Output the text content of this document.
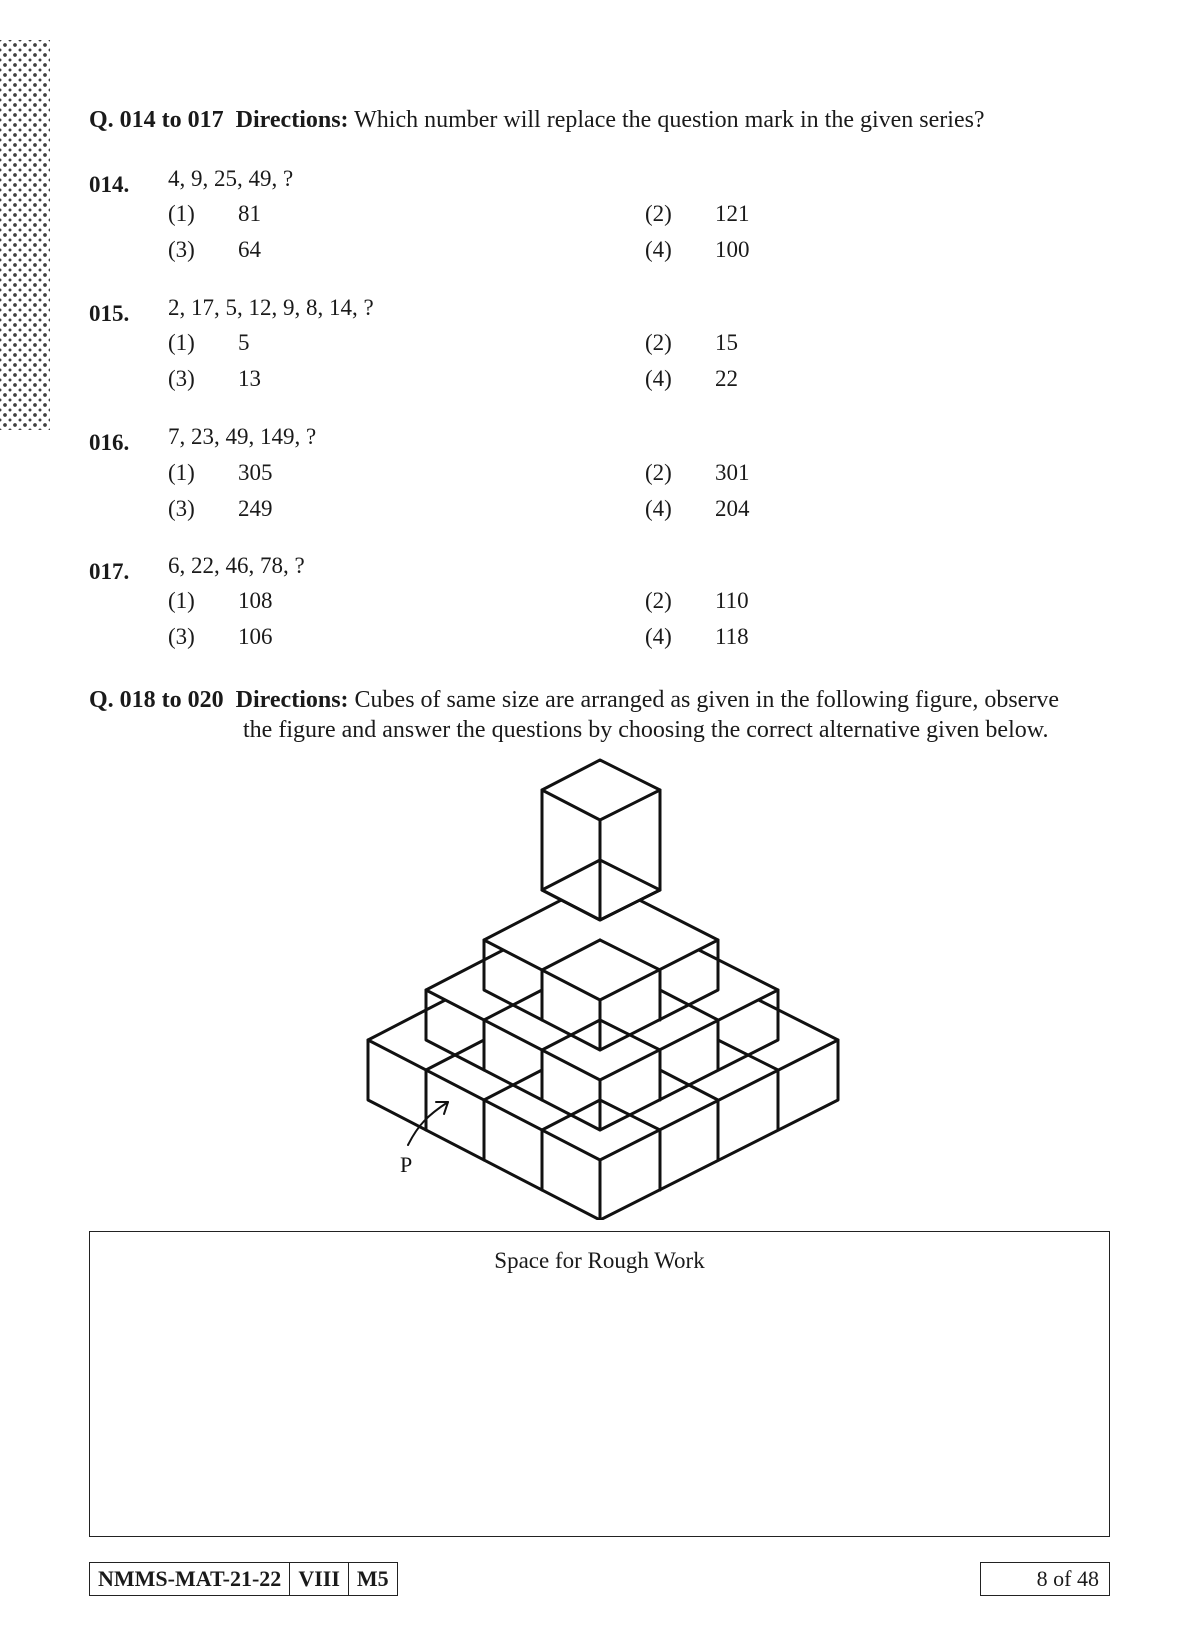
Q. 014 to 017 Directions: Which number will replace the question mark in the given series?
014. 4, 9, 25, 49, ?
(1) 81	(2) 121
(3) 64	(4) 100
015. 2, 17, 5, 12, 9, 8, 14, ?
(1) 5	(2) 15
(3) 13	(4) 22
016. 7, 23, 49, 149, ?
(1) 305	(2) 301
(3) 249	(4) 204
017. 6, 22, 46, 78, ?
(1) 108	(2) 110
(3) 106	(4) 118
Q. 018 to 020 Directions: Cubes of same size are arranged as given in the following figure, observe
the figure and answer the questions by choosing the correct alternative given below.
P
Space for Rough Work
NMMS-MAT-21-22 VIII M5	8 of 48
